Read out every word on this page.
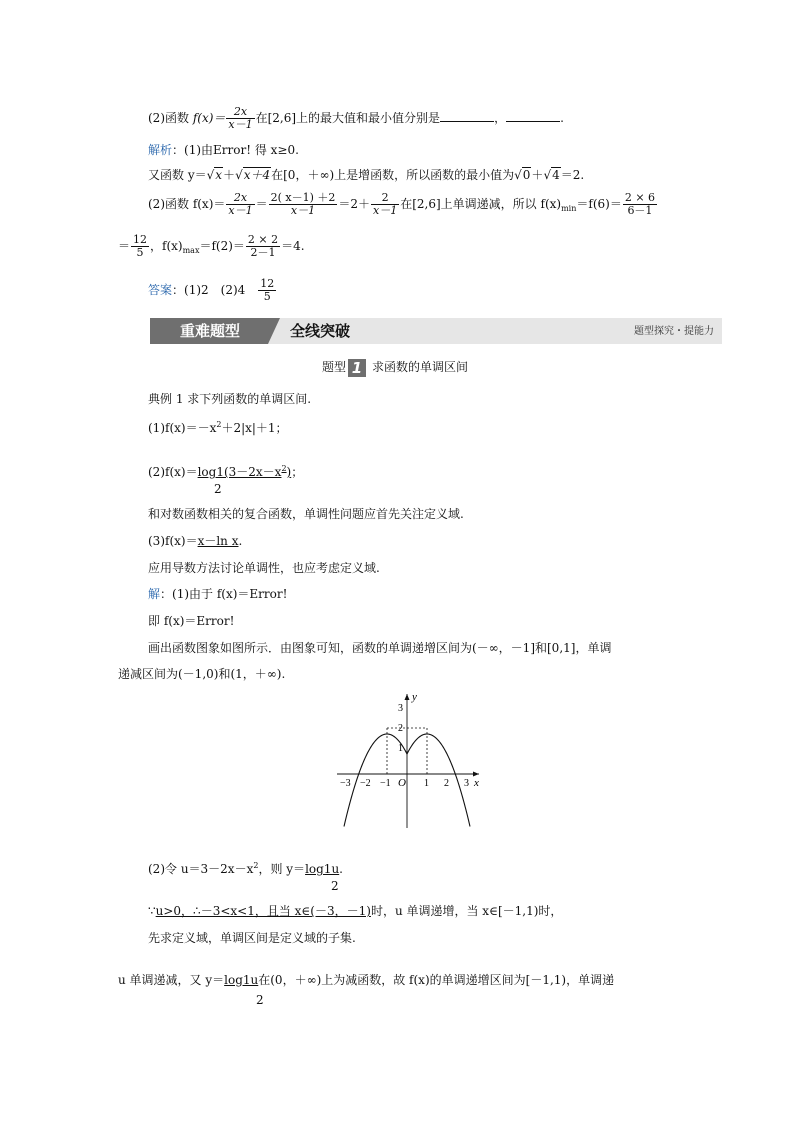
(2)函数 $f(x)= \frac{2x}{x-1}$ 在[2,6]上的最大值和最小值分别是	，	.
解析：(1)由Error! 得 x≥0.
又函数 y＝√x＋√x＋4在[0，＋∞)上是增函数，所以函数的最小值为√0＋√4＝2.
(2)函数 $f(x)= \frac{2x}{x-1} = \frac{2( x-1) +2}{x-1} =2+ \frac{2}{x-1}$ 在[2,6]上单调递减，所以 $f(x)_{min}=f(6)= \frac{2 \times 6}{6-1}$
＝ $\frac{12}{5}$ ，$f(x)_{max}=f(2)= \frac{2 \times 2}{2-1} =4$.
答案：(1)2　(2)4　 $\frac{12}{5}$
重难题型	全线突破	题型探究・提能力
题型 1 求函数的单调区间
典例 1 求下列函数的单调区间.
$(1)f(x)=-x^2+2|x|+1$；
$(2)f(x)=\log 1(3-2x-x^2)$；
2
和对数函数相关的复合函数，单调性问题应首先关注定义域.
(3)f(x)＝x－ln x.
应用导数方法讨论单调性，也应考虑定义域.
解：(1)由于 f(x)＝Error!
即 f(x)＝Error!
画出函数图象如图所示．由图象可知，函数的单调递增区间为(－∞，－1]和[0,1]，单调
递减区间为(－1,0)和(1，＋∞).
x
y
O
−3 −2 −1	1 2 3
3
2
1
(2)令 $u=3-2x-x^2$，则 y＝log1u.
2
∵u>0，∴－3<x<1，且当 x∈(－3，－1)时，u 单调递增，当 x∈[－1,1)时，
先求定义域，单调区间是定义域的子集.
u 单调递减，又 y＝log1u在(0，＋∞)上为减函数，故 f(x)的单调递增区间为[－1,1)，单调递
2
